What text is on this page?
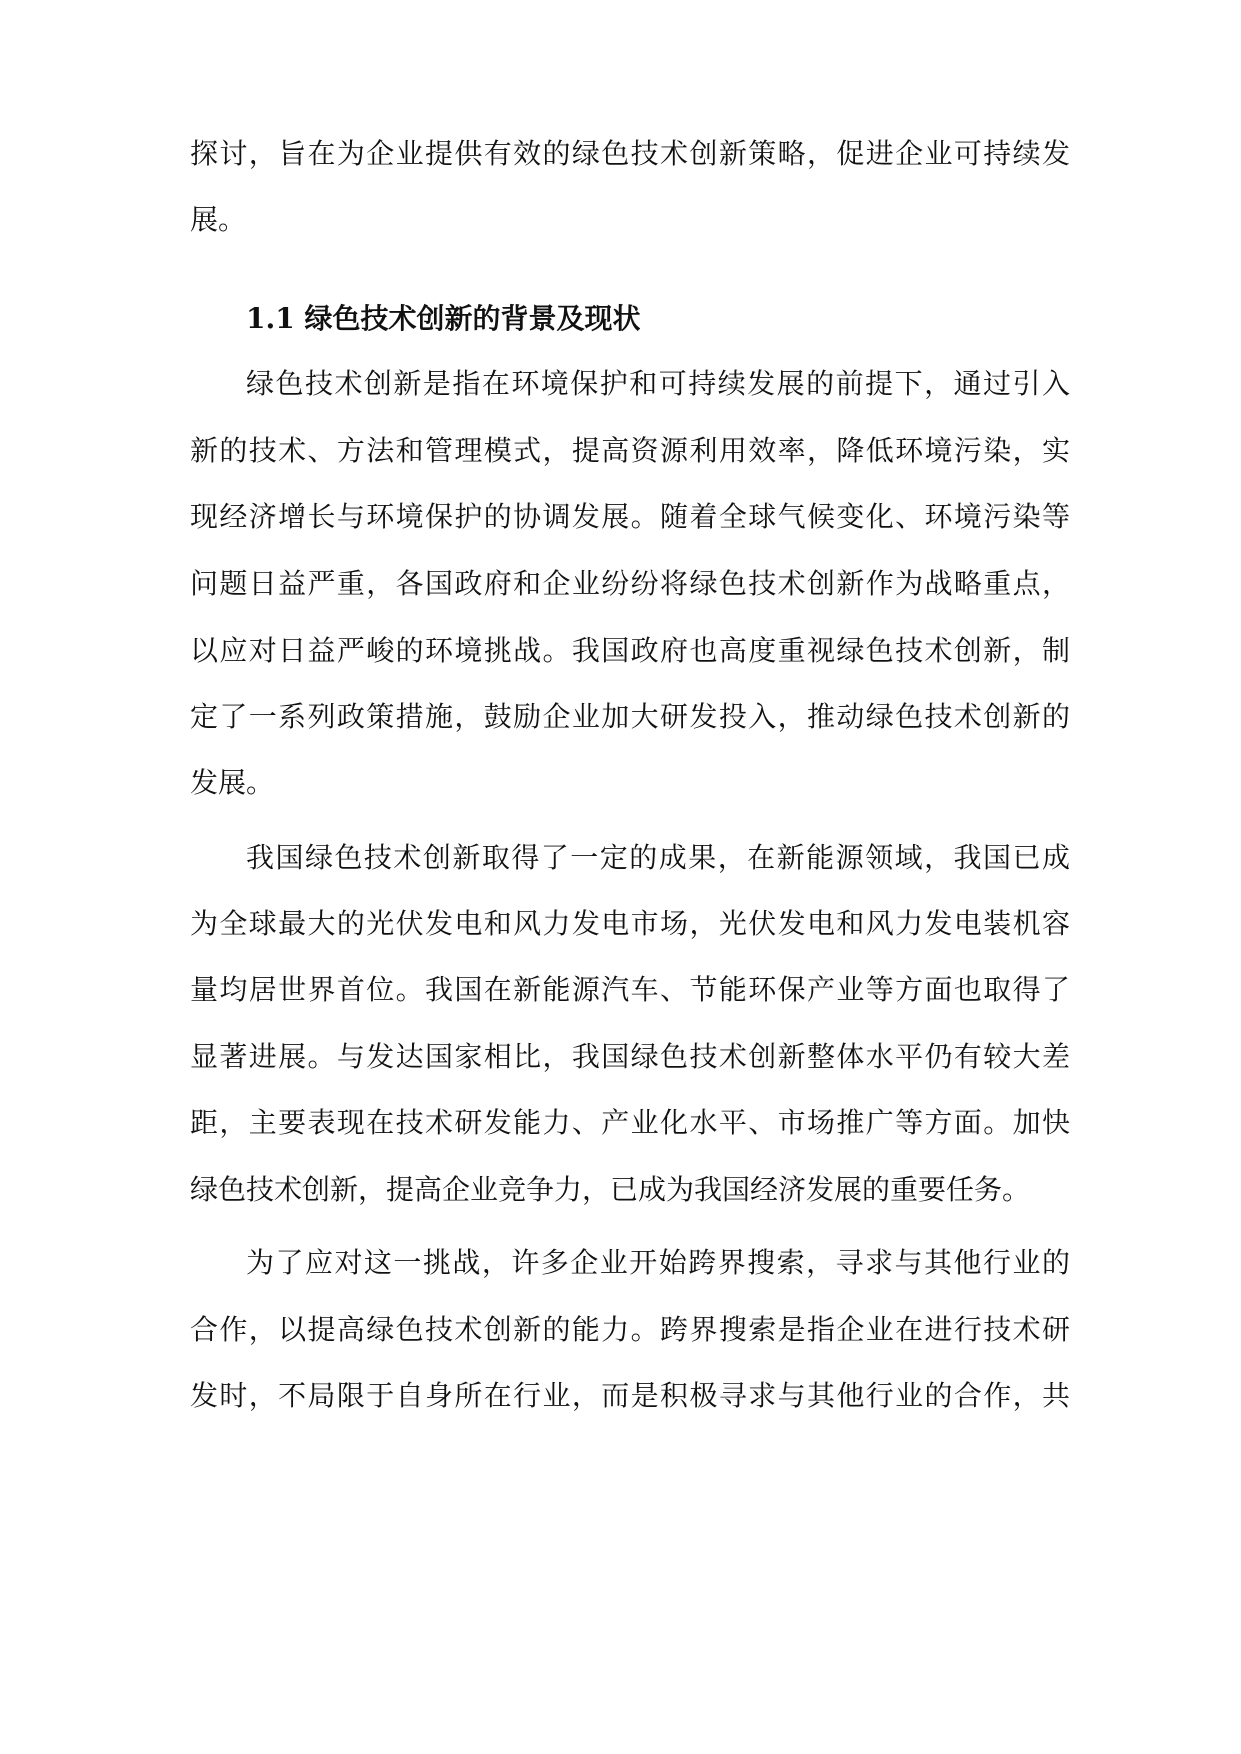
探讨，旨在为企业提供有效的绿色技术创新策略，促进企业可持续发
展。
1.1 绿色技术创新的背景及现状
绿色技术创新是指在环境保护和可持续发展的前提下，通过引入
新的技术、方法和管理模式，提高资源利用效率，降低环境污染，实
现经济增长与环境保护的协调发展。随着全球气候变化、环境污染等
问题日益严重，各国政府和企业纷纷将绿色技术创新作为战略重点，
以应对日益严峻的环境挑战。我国政府也高度重视绿色技术创新，制
定了一系列政策措施，鼓励企业加大研发投入，推动绿色技术创新的
发展。
我国绿色技术创新取得了一定的成果，在新能源领域，我国已成
为全球最大的光伏发电和风力发电市场，光伏发电和风力发电装机容
量均居世界首位。我国在新能源汽车、节能环保产业等方面也取得了
显著进展。与发达国家相比，我国绿色技术创新整体水平仍有较大差
距，主要表现在技术研发能力、产业化水平、市场推广等方面。加快
绿色技术创新，提高企业竞争力，已成为我国经济发展的重要任务。
为了应对这一挑战，许多企业开始跨界搜索，寻求与其他行业的
合作，以提高绿色技术创新的能力。跨界搜索是指企业在进行技术研
发时，不局限于自身所在行业，而是积极寻求与其他行业的合作，共
